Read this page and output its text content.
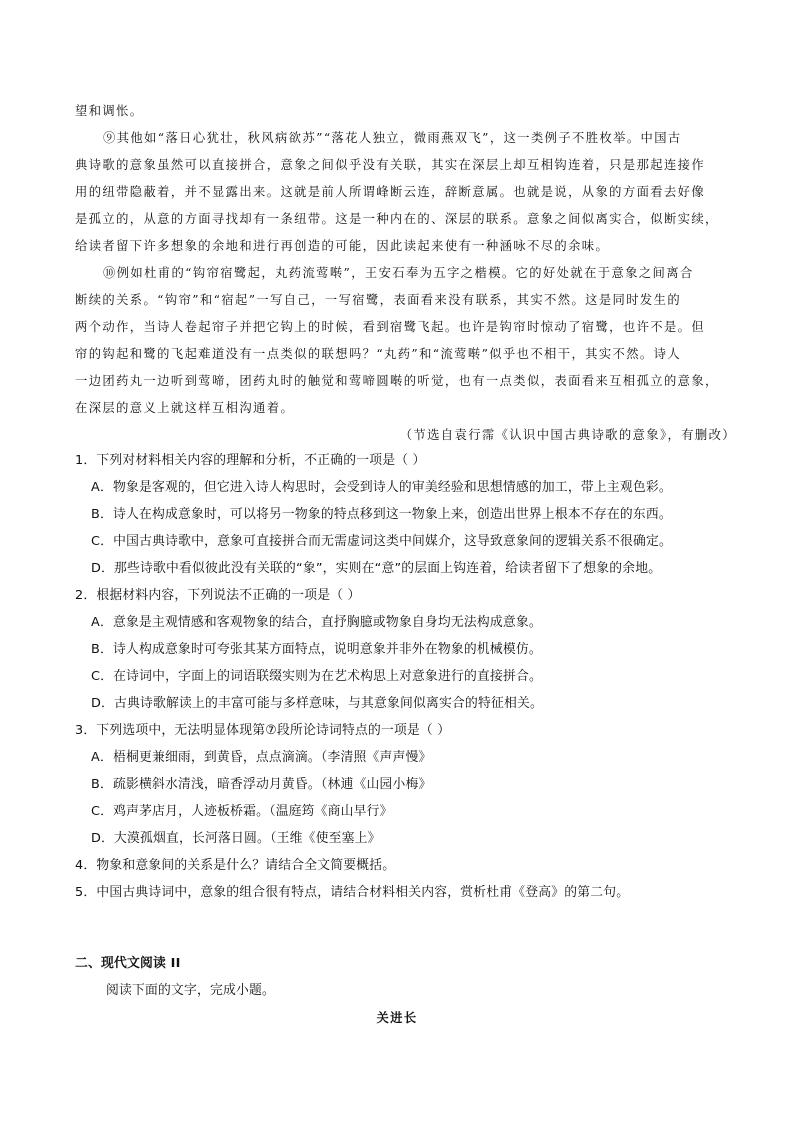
望和调怅。
⑨其他如“落日心犹壮，秋风病欲苏”“落花人独立，微雨燕双飞”，这一类例子不胜枚举。中国古
典诗歌的意象虽然可以直接拼合，意象之间似乎没有关联，其实在深层上却互相钩连着，只是那起连接作
用的纽带隐蔽着，并不显露出来。这就是前人所谓峰断云连，辞断意属。也就是说，从象的方面看去好像
是孤立的，从意的方面寻找却有一条纽带。这是一种内在的、深层的联系。意象之间似离实合，似断实续，
给读者留下许多想象的余地和进行再创造的可能，因此读起来使有一种涵咏不尽的余味。
⑩例如杜甫的“钩帘宿鹭起，丸药流莺啭”，王安石奉为五字之楷模。它的好处就在于意象之间离合
断续的关系。“钩帘”和“宿起”一写自己，一写宿鹭，表面看来没有联系，其实不然。这是同时发生的
两个动作，当诗人卷起帘子并把它钩上的时候，看到宿鹭飞起。也许是钩帘时惊动了宿鹭，也许不是。但
帘的钩起和鹭的飞起难道没有一点类似的联想吗？“丸药”和“流莺啭”似乎也不相干，其实不然。诗人
一边团药丸一边听到莺啼，团药丸时的触觉和莺啼圆啭的听觉，也有一点类似，表面看来互相孤立的意象，
在深层的意义上就这样互相沟通着。
（节选自袁行霈《认识中国古典诗歌的意象》，有删改）
1．下列对材料相关内容的理解和分析，不正确的一项是（ ）
A．物象是客观的，但它进入诗人构思时，会受到诗人的审美经验和思想情感的加工，带上主观色彩。
B．诗人在构成意象时，可以将另一物象的特点移到这一物象上来，创造出世界上根本不存在的东西。
C．中国古典诗歌中，意象可直接拼合而无需虚词这类中间媒介，这导致意象间的逻辑关系不很确定。
D．那些诗歌中看似彼此没有关联的“象”，实则在“意”的层面上钩连着，给读者留下了想象的余地。
2．根据材料内容，下列说法不正确的一项是（ ）
A．意象是主观情感和客观物象的结合，直抒胸臆或物象自身均无法构成意象。
B．诗人构成意象时可夸张其某方面特点，说明意象并非外在物象的机械模仿。
C．在诗词中，字面上的词语联缀实则为在艺术构思上对意象进行的直接拼合。
D．古典诗歌解读上的丰富可能与多样意味，与其意象间似离实合的特征相关。
3．下列选项中，无法明显体现第⑦段所论诗词特点的一项是（ ）
A．梧桐更兼细雨，到黄昏，点点滴滴。（李清照《声声慢》
B．疏影横斜水清浅，暗香浮动月黄昏。（林逋《山园小梅》
C．鸡声茅店月，人迹板桥霜。（温庭筠《商山早行》
D．大漠孤烟直，长河落日圆。（王维《使至塞上》
4．物象和意象间的关系是什么？请结合全文简要概括。
5．中国古典诗词中，意象的组合很有特点，请结合材料相关内容，赏析杜甫《登高》的第二句。
二、现代文阅读 II
阅读下面的文字，完成小题。
关进长
